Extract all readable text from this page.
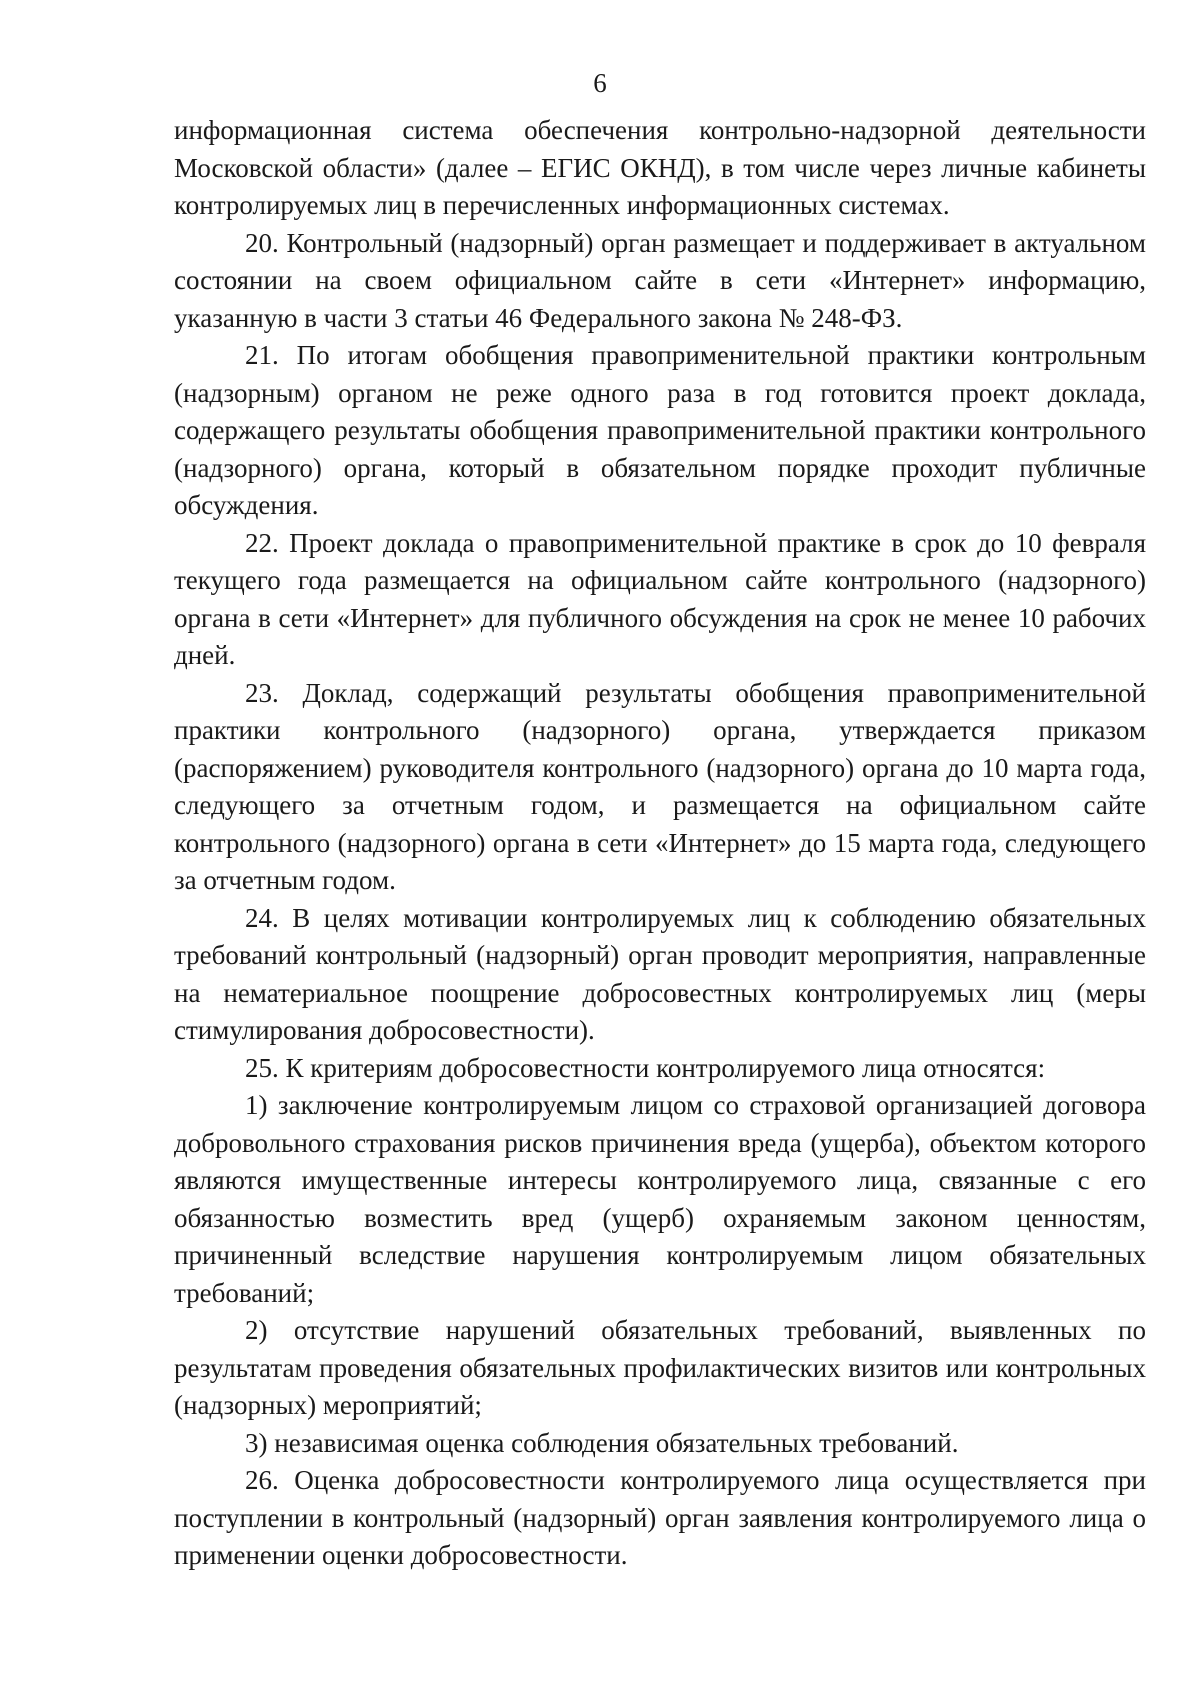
6

информационная система обеспечения контрольно-надзорной деятельности Московской области» (далее – ЕГИС ОКНД), в том числе через личные кабинеты контролируемых лиц в перечисленных информационных системах.

20. Контрольный (надзорный) орган размещает и поддерживает в актуальном состоянии на своем официальном сайте в сети «Интернет» информацию, указанную в части 3 статьи 46 Федерального закона № 248-ФЗ.

21. По итогам обобщения правоприменительной практики контрольным (надзорным) органом не реже одного раза в год готовится проект доклада, содержащего результаты обобщения правоприменительной практики контрольного (надзорного) органа, который в обязательном порядке проходит публичные обсуждения.

22. Проект доклада о правоприменительной практике в срок до 10 февраля текущего года размещается на официальном сайте контрольного (надзорного) органа в сети «Интернет» для публичного обсуждения на срок не менее 10 рабочих дней.

23. Доклад, содержащий результаты обобщения правоприменительной практики контрольного (надзорного) органа, утверждается приказом (распоряжением) руководителя контрольного (надзорного) органа до 10 марта года, следующего за отчетным годом, и размещается на официальном сайте контрольного (надзорного) органа в сети «Интернет» до 15 марта года, следующего за отчетным годом.

24. В целях мотивации контролируемых лиц к соблюдению обязательных требований контрольный (надзорный) орган проводит мероприятия, направленные на нематериальное поощрение добросовестных контролируемых лиц (меры стимулирования добросовестности).

25. К критериям добросовестности контролируемого лица относятся:

1) заключение контролируемым лицом со страховой организацией договора добровольного страхования рисков причинения вреда (ущерба), объектом которого являются имущественные интересы контролируемого лица, связанные с его обязанностью возместить вред (ущерб) охраняемым законом ценностям, причиненный вследствие нарушения контролируемым лицом обязательных требований;

2) отсутствие нарушений обязательных требований, выявленных по результатам проведения обязательных профилактических визитов или контрольных (надзорных) мероприятий;

3) независимая оценка соблюдения обязательных требований.

26. Оценка добросовестности контролируемого лица осуществляется при поступлении в контрольный (надзорный) орган заявления контролируемого лица о применении оценки добросовестности.
